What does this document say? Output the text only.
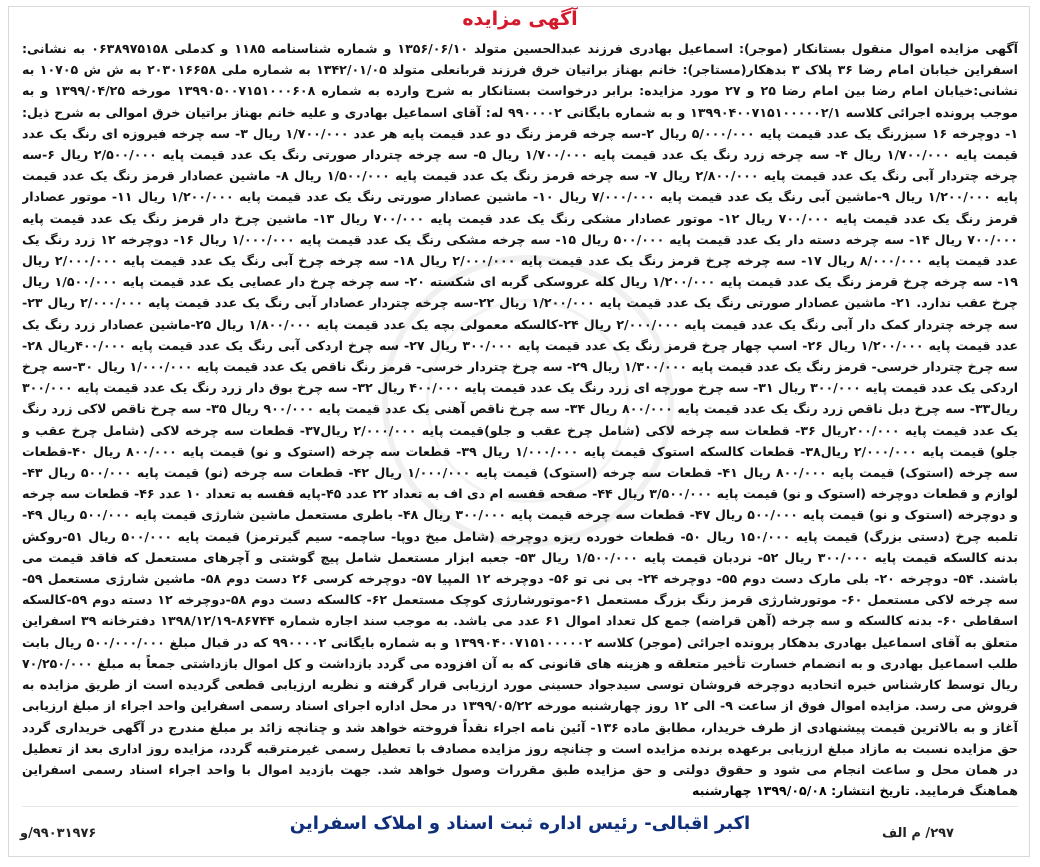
آگهی مزایده
آگهی مزایده اموال منقول بستانکار (موجر): اسماعیل بهادری فرزند عبدالحسین متولد ۱۳۵۶/۰۶/۱۰ و شماره شناسنامه ۱۱۸۵ و کدملی ۰۶۳۸۹۷۵۱۵۸ به نشانی: اسفراین خیابان امام رضا ۳۶ پلاک ۳ بدهکار(مستاجر): خانم بهناز براتیان خرق فرزند قربانعلی متولد ۱۳۴۲/۰۱/۰۵ به شماره ملی ۲۰۳۰۱۶۶۵۸ به ش ش ۱۰۷۰۵ به نشانی:خیابان امام رضا بین امام رضا ۲۵ و ۲۷ مورد مزایده: برابر درخواست بستانکار به شرح وارده به شماره ۱۳۹۹۰۵۰۰۷۱۵۱۰۰۰۶۰۸ مورخه ۱۳۹۹/۰۴/۲۵ و به موجب پرونده اجرائی کلاسه ۱۳۹۹۰۴۰۰۷۱۵۱۰۰۰۰۰۲/۱ و به شماره بایگانی ۹۹۰۰۰۰۲ له: آقای اسماعیل بهادری و علیه خانم بهناز براتیان خرق اموالی به شرح ذیل: ۱- دوچرخه ۱۶ سبزرنگ یک عدد قیمت پایه ۵/۰۰۰/۰۰۰ ریال ۲-سه چرخه قرمز رنگ دو عدد قیمت پایه هر عدد ۱/۷۰۰/۰۰۰ ریال ۳- سه چرخه فیروزه ای رنگ یک عدد قیمت پایه ۱/۷۰۰/۰۰۰ ریال ۴- سه چرخه زرد رنگ یک عدد قیمت پایه ۱/۷۰۰/۰۰۰ ریال ۵- سه چرخه چتردار صورتی رنگ یک عدد قیمت پایه ۲/۵۰۰/۰۰۰ ریال ۶-سه چرخه چتردار آبی رنگ یک عدد قیمت پایه ۲/۸۰۰/۰۰۰ ریال ۷- سه چرخه قرمز رنگ یک عدد قیمت پایه ۱/۵۰۰/۰۰۰ ریال ۸- ماشین عصادار قرمز رنگ یک عدد قیمت پایه ۱/۲۰۰/۰۰۰ ریال ۹-ماشین آبی رنگ یک عدد قیمت پایه ۷/۰۰۰/۰۰۰ ریال ۱۰- ماشین عصادار صورتی رنگ یک عدد قیمت پایه ۱/۲۰۰/۰۰۰ ریال ۱۱- موتور عصادار قرمز رنگ یک عدد قیمت پایه ۷۰۰/۰۰۰ ریال ۱۲- موتور عصادار مشکی رنگ یک عدد قیمت پایه ۷۰۰/۰۰۰ ریال ۱۳- ماشین چرخ دار قرمز رنگ یک عدد قیمت پایه ۷۰۰/۰۰۰ ریال ۱۴- سه چرخه دسته دار یک عدد قیمت پایه ۵۰۰/۰۰۰ ریال ۱۵- سه چرخه مشکی رنگ یک عدد قیمت پایه ۱/۰۰۰/۰۰۰ ریال ۱۶- دوچرخه ۱۲ زرد رنگ یک عدد قیمت پایه ۸/۰۰۰/۰۰۰ ریال ۱۷- سه چرخه چرخ قرمز رنگ یک عدد قیمت پایه ۲/۰۰۰/۰۰۰ ریال ۱۸- سه چرخه چرخ آبی رنگ یک عدد قیمت پایه ۲/۰۰۰/۰۰۰ ریال ۱۹- سه چرخه چرخ قرمز رنگ یک عدد قیمت پایه ۱/۲۰۰/۰۰۰ ریال کله عروسکی گربه ای شکسته ۲۰- سه چرخه چرخ دار عصایی یک عدد قیمت پایه ۱/۵۰۰/۰۰۰ ریال چرخ عقب ندارد. ۲۱- ماشین عصادار صورتی رنگ یک عدد قیمت پایه ۱/۲۰۰/۰۰۰ ریال ۲۲-سه چرخه چتردار عصادار آبی رنگ یک عدد قیمت پایه ۲/۰۰۰/۰۰۰ ریال ۲۳- سه چرخه چتردار کمک دار آبی رنگ یک عدد قیمت پایه ۲/۰۰۰/۰۰۰ ریال ۲۴-کالسکه معمولی بچه یک عدد قیمت پایه ۱/۸۰۰/۰۰۰ ریال ۲۵-ماشین عصادار زرد رنگ یک عدد قیمت پایه ۱/۲۰۰/۰۰۰ ریال ۲۶- اسپ چهار چرخ قرمز رنگ یک عدد قیمت پایه ۳۰۰/۰۰۰ ریال ۲۷- سه چرخ اردکی آبی رنگ یک عدد قیمت پایه ۴۰۰/۰۰۰ریال ۲۸- سه چرخ چتردار خرسی- قرمز رنگ یک عدد قیمت پایه ۱/۳۰۰/۰۰۰ ریال ۲۹- سه چرخ چتردار خرسی- قرمز رنگ ناقص یک عدد قیمت پایه ۱/۰۰۰/۰۰۰ ریال ۳۰-سه چرخ اردکی یک عدد قیمت پایه ۳۰۰/۰۰۰ ریال ۳۱- سه چرخ مورچه ای زرد رنگ یک عدد قیمت پایه ۴۰۰/۰۰۰ ریال ۳۲- سه چرخ بوق دار زرد رنگ یک عدد قیمت پایه ۳۰۰/۰۰۰ ریال۳۳- سه چرخ دبل ناقص زرد رنگ یک عدد قیمت پایه ۸۰۰/۰۰۰ ریال ۳۴- سه چرخ ناقص آهنی یک عدد قیمت پایه ۹۰۰/۰۰۰ ریال ۳۵- سه چرخ ناقص لاکی زرد رنگ یک عدد قیمت پایه ۲۰۰/۰۰۰ریال ۳۶- قطعات سه چرخه لاکی (شامل چرخ عقب و جلو)قیمت پایه ۲/۰۰۰/۰۰۰ ریال۳۷- قطعات سه چرخه لاکی (شامل چرخ عقب و جلو) قیمت پایه ۲/۰۰۰/۰۰۰ ریال۳۸- قطعات کالسکه استوک قیمت پایه ۱/۰۰۰/۰۰۰ ریال ۳۹- قطعات سه چرخه (استوک و نو) قیمت پایه ۸۰۰/۰۰۰ ریال ۴۰-قطعات سه چرخه (استوک) قیمت پایه ۸۰۰/۰۰۰ ریال ۴۱- قطعات سه چرخه (استوک) قیمت پایه ۱/۰۰۰/۰۰۰ ریال ۴۲- قطعات سه چرخه (نو) قیمت پایه ۵۰۰/۰۰۰ ریال ۴۳- لوازم و قطعات دوچرخه (استوک و نو) قیمت پایه ۳/۵۰۰/۰۰۰ ریال ۴۴- صفحه قفسه ام دی اف به تعداد ۲۲ عدد ۴۵-پایه قفسه به تعداد ۱۰ عدد ۴۶- قطعات سه چرخه و دوچرخه (استوک و نو) قیمت پایه ۵۰۰/۰۰۰ ریال ۴۷- قطعات سه چرخه قیمت پایه ۳۰۰/۰۰۰ ریال ۴۸- باطری مستعمل ماشین شارژی قیمت پایه ۵۰۰/۰۰۰ ریال ۴۹- تلمبه چرخ (دستی بزرگ) قیمت پایه ۱۵۰/۰۰۰ ریال ۵۰- قطعات خورده ریزه دوچرخه (شامل میخ دوپا- ساچمه- سیم گیرترمز) قیمت پایه ۵۰۰/۰۰۰ ریال ۵۱-روکش بدنه کالسکه قیمت پایه ۳۰۰/۰۰۰ ریال ۵۲- نردبان قیمت پایه ۱/۵۰۰/۰۰۰ ریال ۵۳- جعبه ابزار مستعمل شامل پیچ گوشتی و آچرهای مستعمل که فاقد قیمت می باشند. ۵۴- دوچرخه ۲۰- بلی مارک دست دوم ۵۵- دوچرخه ۲۴- بی نی تو ۵۶- دوچرخه ۱۲ المپیا ۵۷- دوچرخه کرسی ۲۶ دست دوم ۵۸- ماشین شارژی مستعمل ۵۹- سه چرخه لاکی مستعمل ۶۰- موتورشارژی قرمز رنگ بزرگ مستعمل ۶۱-موتورشارژی کوچک مستعمل ۶۲- کالسکه دست دوم ۵۸-دوچرخه ۱۲ دسته دوم ۵۹-کالسکه اسقاطی ۶۰- بدنه کالسکه و سه چرخه (آهن قراضه) جمع کل تعداد اموال ۶۱ عدد می باشد. به موجب سند اجاره شماره ۸۶۷۴۴-۱۳۹۸/۱۲/۱۹ دفترخانه ۳۹ اسفراین متعلق به آقای اسماعیل بهادری بدهکار پرونده اجرائی (موجر) کلاسه ۱۳۹۹۰۴۰۰۷۱۵۱۰۰۰۰۰۲ و به شماره بایگانی ۹۹۰۰۰۰۲ که در قبال مبلغ ۵۰۰/۰۰۰/۰۰۰ ریال بابت طلب اسماعیل بهادری و به انضمام خسارت تأخیر متعلقه و هزینه های قانونی که به آن افزوده می گردد بازداشت و کل اموال بازداشتی جمعاً به مبلغ ۷۰/۲۵۰/۰۰۰ ریال توسط کارشناس خبره اتحادیه دوچرخه فروشان توسی سیدجواد حسینی مورد ارزیابی قرار گرفته و نظریه ارزیابی قطعی گردیده است از طریق مزایده به فروش می رسد. مزایده اموال فوق از ساعت ۹- الی ۱۲ روز چهارشنبه مورخه ۱۳۹۹/۰۵/۲۲ در محل اداره اجرای اسناد رسمی اسفراین واحد اجراء از مبلغ ارزیابی آغاز و به بالاترین قیمت پیشنهادی از طرف خریدار، مطابق ماده ۱۳۶- آئین نامه اجراء نقداً فروخته خواهد شد و چنانچه زائد بر مبلغ مندرج در آگهی خریداری گردد حق مزایده نسبت به مازاد مبلغ ارزیابی برعهده برنده مزایده است و چنانچه روز مزایده مصادف با تعطیل رسمی غیرمترقبه گردد، مزایده روز اداری بعد از تعطیل در همان محل و ساعت انجام می شود و حقوق دولتی و حق مزایده طبق مقررات وصول خواهد شد. جهت بازدید اموال با واحد اجراء اسناد رسمی اسفراین هماهنگ فرمایید. تاریخ انتشار: ۱۳۹۹/۰۵/۰۸ چهارشنبه
اکبر اقبالی- رئیس اداره ثبت اسناد و املاک اسفراین	۲۹۷/ م الف
۹۹۰۳۱۹۷۶/و
